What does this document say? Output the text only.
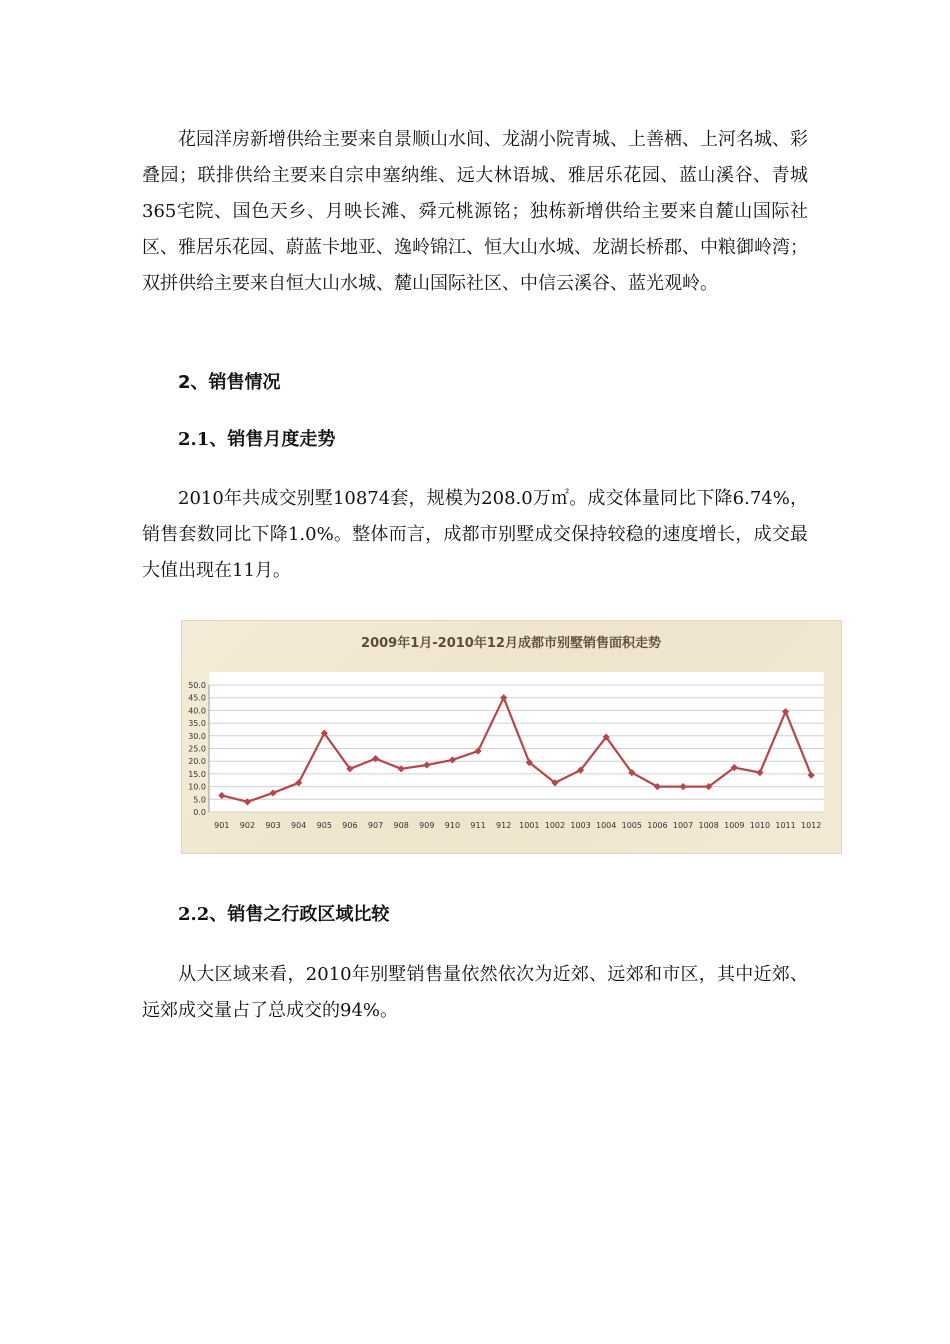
花园洋房新增供给主要来自景顺山水间、龙湖小院青城、上善栖、上河名城、彩叠园；联排供给主要来自宗申塞纳维、远大林语城、雅居乐花园、蓝山溪谷、青城365宅院、国色天乡、月映长滩、舜元桃源铭；独栋新增供给主要来自麓山国际社区、雅居乐花园、蔚蓝卡地亚、逸岭锦江、恒大山水城、龙湖长桥郡、中粮御岭湾；双拼供给主要来自恒大山水城、麓山国际社区、中信云溪谷、蓝光观岭。

2、销售情况
2.1、销售月度走势

2010年共成交别墅10874套，规模为208.0万㎡。成交体量同比下降6.74%，销售套数同比下降1.0%。整体而言，成都市别墅成交保持较稳的速度增长，成交最大值出现在11月。

2009年1月-2010年12月成都市别墅销售面积走势
0.0
5.0
10.0
15.0
20.0
25.0
30.0
35.0
40.0
45.0
50.0
901 902 903 904 905 906 907 908 909 910 911 912 1001 1002 1003 1004 1005 1006 1007 1008 1009 1010 1011 1012
2.2、销售之行政区域比较

从大区域来看，2010年别墅销售量依然依次为近郊、远郊和市区，其中近郊、远郊成交量占了总成交的94%。
